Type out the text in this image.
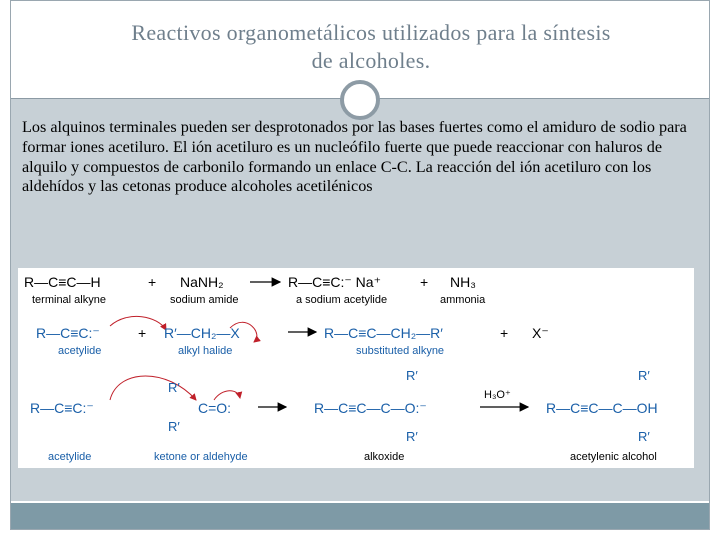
Reactivos organometálicos utilizados para la síntesis
de alcoholes.
Los alquinos terminales pueden ser desprotonados por las bases fuertes como el amiduro de sodio para formar iones acetiluro. El ión acetiluro es un nucleófilo fuerte que puede reaccionar con haluros de alquilo y compuestos de carbonilo formando un enlace C-C. La reacción del ión acetiluro con los aldehídos y las cetonas produce alcoholes acetilénicos
R—C≡C—H	+ NaNH₂	R—C≡C:⁻ Na⁺	+ NH₃
terminal alkyne	sodium amide	a sodium acetylide	ammonia
R—C≡C:⁻	+ R′—CH₂—X	R—C≡C—CH₂—R′	+ X⁻
acetylide	alkyl halide	substituted alkyne
R—C≡C:⁻
R′
C=O:
R′
R′
R—C≡C—C—O:⁻
R′
H₃O⁺
R′
R—C≡C—C—OH
R′
acetylide	ketone or aldehyde	alkoxide	acetylenic alcohol
